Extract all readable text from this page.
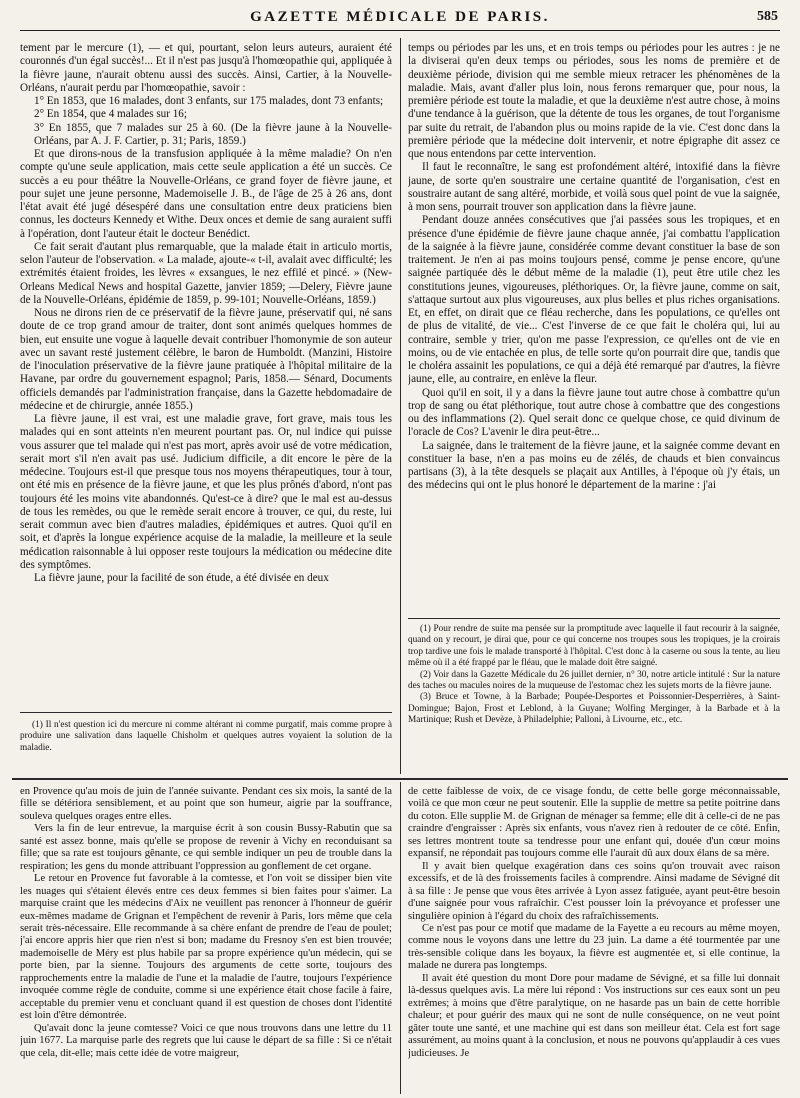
GAZETTE MÉDICALE DE PARIS.	585

tement par le mercure (1), — et qui, pourtant, selon leurs auteurs, auraient été couronnés d'un égal succès!... Et il n'est pas jusqu'à l'homœopathie qui, appliquée à la fièvre jaune, n'aurait obtenu aussi des succès. Ainsi, Cartier, à la Nouvelle-Orléans, n'aurait perdu par l'homœopathie, savoir :

1° En 1853, que 16 malades, dont 3 enfants, sur 175 malades, dont 73 enfants;

2° En 1854, que 4 malades sur 16;

3° En 1855, que 7 malades sur 25 à 60. (De la fièvre jaune à la Nouvelle-Orléans, par A. J. F. Cartier, p. 31; Paris, 1859.)

Et que dirons-nous de la transfusion appliquée à la même maladie? On n'en compte qu'une seule application, mais cette seule application a été un succès. Ce succès a eu pour théâtre la Nouvelle-Orléans, ce grand foyer de fièvre jaune, et pour sujet une jeune personne, Mademoiselle J. B., de l'âge de 25 à 26 ans, dont l'état avait été jugé désespéré dans une consultation entre deux praticiens bien connus, les docteurs Kennedy et Withe. Deux onces et demie de sang auraient suffi à l'opération, dont l'auteur était le docteur Benédict.

Ce fait serait d'autant plus remarquable, que la malade était in articulo mortis, selon l'auteur de l'observation. « La malade, ajoute-« t-il, avalait avec difficulté; les extrémités étaient froides, les lèvres « exsangues, le nez effilé et pincé. » (New-Orleans Medical News and hospital Gazette, janvier 1859; —Delery, Fièvre jaune de la Nouvelle-Orléans, épidémie de 1859, p. 99-101; Nouvelle-Orléans, 1859.)

Nous ne dirons rien de ce préservatif de la fièvre jaune, préservatif qui, né sans doute de ce trop grand amour de traiter, dont sont animés quelques hommes de bien, eut ensuite une vogue à laquelle devait contribuer l'homonymie de son auteur avec un savant resté justement célèbre, le baron de Humboldt. (Manzini, Histoire de l'inoculation préservative de la fièvre jaune pratiquée à l'hôpital militaire de la Havane, par ordre du gouvernement espagnol; Paris, 1858.— Sénard, Documents officiels demandés par l'administration française, dans la Gazette hebdomadaire de médecine et de chirurgie, année 1855.)

La fièvre jaune, il est vrai, est une maladie grave, fort grave, mais tous les malades qui en sont atteints n'en meurent pourtant pas. Or, nul indice qui puisse vous assurer que tel malade qui n'est pas mort, après avoir usé de votre médication, serait mort s'il n'en avait pas usé. Judicium difficile, a dit encore le père de la médecine. Toujours est-il que presque tous nos moyens thérapeutiques, tour à tour, ont été mis en présence de la fièvre jaune, et que les plus prônés d'abord, n'ont pas toujours été les moins vite abandonnés. Qu'est-ce à dire? que le mal est au-dessus de tous les remèdes, ou que le remède serait encore à trouver, ce qui, du reste, lui serait commun avec bien d'autres maladies, épidémiques et autres. Quoi qu'il en soit, et d'après la longue expérience acquise de la maladie, la meilleure et la seule médication raisonnable à lui opposer reste toujours la médication ou médecine dite des symptômes.

La fièvre jaune, pour la facilité de son étude, a été divisée en deux

(1) Il n'est question ici du mercure ni comme altérant ni comme purgatif, mais comme propre à produire une salivation dans laquelle Chisholm et quelques autres voyaient la solution de la maladie.

temps ou périodes par les uns, et en trois temps ou périodes pour les autres : je ne la diviserai qu'en deux temps ou périodes, sous les noms de première et de deuxième période, division qui me semble mieux retracer les phénomènes de la maladie. Mais, avant d'aller plus loin, nous ferons remarquer que, pour nous, la première période est toute la maladie, et que la deuxième n'est autre chose, à moins d'une tendance à la guérison, que la détente de tous les organes, de tout l'organisme par suite du retrait, de l'abandon plus ou moins rapide de la vie. C'est donc dans la première période que la médecine doit intervenir, et notre épigraphe dit assez ce que nous entendons par cette intervention.

Il faut le reconnaître, le sang est profondément altéré, intoxifié dans la fièvre jaune, de sorte qu'en soustraire une certaine quantité de l'organisation, c'est en soustraire autant de sang altéré, morbide, et voilà sous quel point de vue la saignée, à mon sens, pourrait trouver son application dans la fièvre jaune.

Pendant douze années consécutives que j'ai passées sous les tropiques, et en présence d'une épidémie de fièvre jaune chaque année, j'ai combattu l'application de la saignée à la fièvre jaune, considérée comme devant constituer la base de son traitement. Je n'en ai pas moins toujours pensé, comme je pense encore, qu'une saignée partiquée dès le début même de la maladie (1), peut être utile chez les constitutions jeunes, vigoureuses, pléthoriques. Or, la fièvre jaune, comme on sait, s'attaque surtout aux plus vigoureuses, aux plus belles et plus riches organisations. Et, en effet, on dirait que ce fléau recherche, dans les populations, ce qu'elles ont de plus de vitalité, de vie... C'est l'inverse de ce que fait le choléra qui, lui au contraire, semble y trier, qu'on me passe l'expression, ce qu'elles ont de vie en moins, ou de vie entachée en plus, de telle sorte qu'on pourrait dire que, tandis que le choléra assainit les populations, ce qui a déjà été remarqué par d'autres, la fièvre jaune, elle, au contraire, en enlève la fleur.

Quoi qu'il en soit, il y a dans la fièvre jaune tout autre chose à combattre qu'un trop de sang ou état pléthorique, tout autre chose à combattre que des congestions ou des inflammations (2). Quel serait donc ce quelque chose, ce quid divinum de l'oracle de Cos? L'avenir le dira peut-être...

La saignée, dans le traitement de la fièvre jaune, et la saignée comme devant en constituer la base, n'en a pas moins eu de zélés, de chauds et bien convaincus partisans (3), à la tête desquels se plaçait aux Antilles, à l'époque où j'y étais, un des médecins qui ont le plus honoré le département de la marine : j'ai

(1) Pour rendre de suite ma pensée sur la promptitude avec laquelle il faut recourir à la saignée, quand on y recourt, je dirai que, pour ce qui concerne nos troupes sous les tropiques, je la croirais trop tardive une fois le malade transporté à l'hôpital. C'est donc à la caserne ou sous la tente, au lieu même où il a été frappé par le fléau, que le malade doit être saigné.

(2) Voir dans la Gazette Médicale du 26 juillet dernier, n° 30, notre article intitulé : Sur la nature des taches ou macules noires de la muqueuse de l'estomac chez les sujets morts de la fièvre jaune.

(3) Bruce et Towne, à la Barbade; Poupée-Desportes et Poissonnier-Desperrières, à Saint-Domingue; Bajon, Frost et Leblond, à la Guyane; Wolfing Merginger, à la Barbade et à la Martinique; Rush et Devèze, à Philadelphie; Palloni, à Livourne, etc., etc.

en Provence qu'au mois de juin de l'année suivante. Pendant ces six mois, la santé de la fille se détériora sensiblement, et au point que son humeur, aigrie par la souffrance, souleva quelques orages entre elles.

Vers la fin de leur entrevue, la marquise écrit à son cousin Bussy-Rabutin que sa santé est assez bonne, mais qu'elle se propose de revenir à Vichy en reconduisant sa fille; que sa rate est toujours gênante, ce qui semble indiquer un peu de trouble dans la respiration; les gens du monde attribuant l'oppression au gonflement de cet organe.

Le retour en Provence fut favorable à la comtesse, et l'on voit se dissiper bien vite les nuages qui s'étaient élevés entre ces deux femmes si bien faites pour s'aimer. La marquise craint que les médecins d'Aix ne veuillent pas renoncer à l'honneur de guérir eux-mêmes madame de Grignan et l'empêchent de revenir à Paris, lors même que cela serait très-nécessaire. Elle recommande à sa chère enfant de prendre de l'eau de poulet; j'ai encore appris hier que rien n'est si bon; madame du Fresnoy s'en est bien trouvée; mademoiselle de Méry est plus habile par sa propre expérience qu'un médecin, qui se porte bien, par la sienne. Toujours des arguments de cette sorte, toujours des rapprochements entre la maladie de l'une et la maladie de l'autre, toujours l'expérience invoquée comme règle de conduite, comme si une expérience était chose facile à faire, acceptable du premier venu et concluant quand il est question de choses dont l'identité est loin d'être démontrée.

Qu'avait donc la jeune comtesse? Voici ce que nous trouvons dans une lettre du 11 juin 1677. La marquise parle des regrets que lui cause le départ de sa fille : Si ce n'était que cela, dit-elle; mais cette idée de votre maigreur,

de cette faiblesse de voix, de ce visage fondu, de cette belle gorge méconnaissable, voilà ce que mon cœur ne peut soutenir. Elle la supplie de mettre sa petite poitrine dans du coton. Elle supplie M. de Grignan de ménager sa femme; elle dit à celle-ci de ne pas craindre d'engraisser : Après six enfants, vous n'avez rien à redouter de ce côté. Enfin, ses lettres montrent toute sa tendresse pour une enfant qui, douée d'un cœur moins expansif, ne répondait pas toujours comme elle l'aurait dû aux doux élans de sa mère.

Il y avait bien quelque exagération dans ces soins qu'on trouvait avec raison excessifs, et de là des froissements faciles à comprendre. Ainsi madame de Sévigné dit à sa fille : Je pense que vous êtes arrivée à Lyon assez fatiguée, ayant peut-être besoin d'une saignée pour vous rafraîchir. C'est pousser loin la prévoyance et professer une singulière opinion à l'égard du choix des rafraîchissements.

Ce n'est pas pour ce motif que madame de la Fayette a eu recours au même moyen, comme nous le voyons dans une lettre du 23 juin. La dame a été tourmentée par une très-sensible colique dans les boyaux, la fièvre est augmentée et, si elle continue, la malade ne durera pas longtemps.

Il avait été question du mont Dore pour madame de Sévigné, et sa fille lui donnait là-dessus quelques avis. La mère lui répond : Vos instructions sur ces eaux sont un peu extrêmes; à moins que d'être paralytique, on ne hasarde pas un bain de cette horrible chaleur; et pour guérir des maux qui ne sont de nulle conséquence, on ne veut point gâter toute une santé, et une machine qui est dans son meilleur état. Cela est fort sage assurément, au moins quant à la conclusion, et nous ne pouvons qu'applaudir à ces vues judicieuses. Je
